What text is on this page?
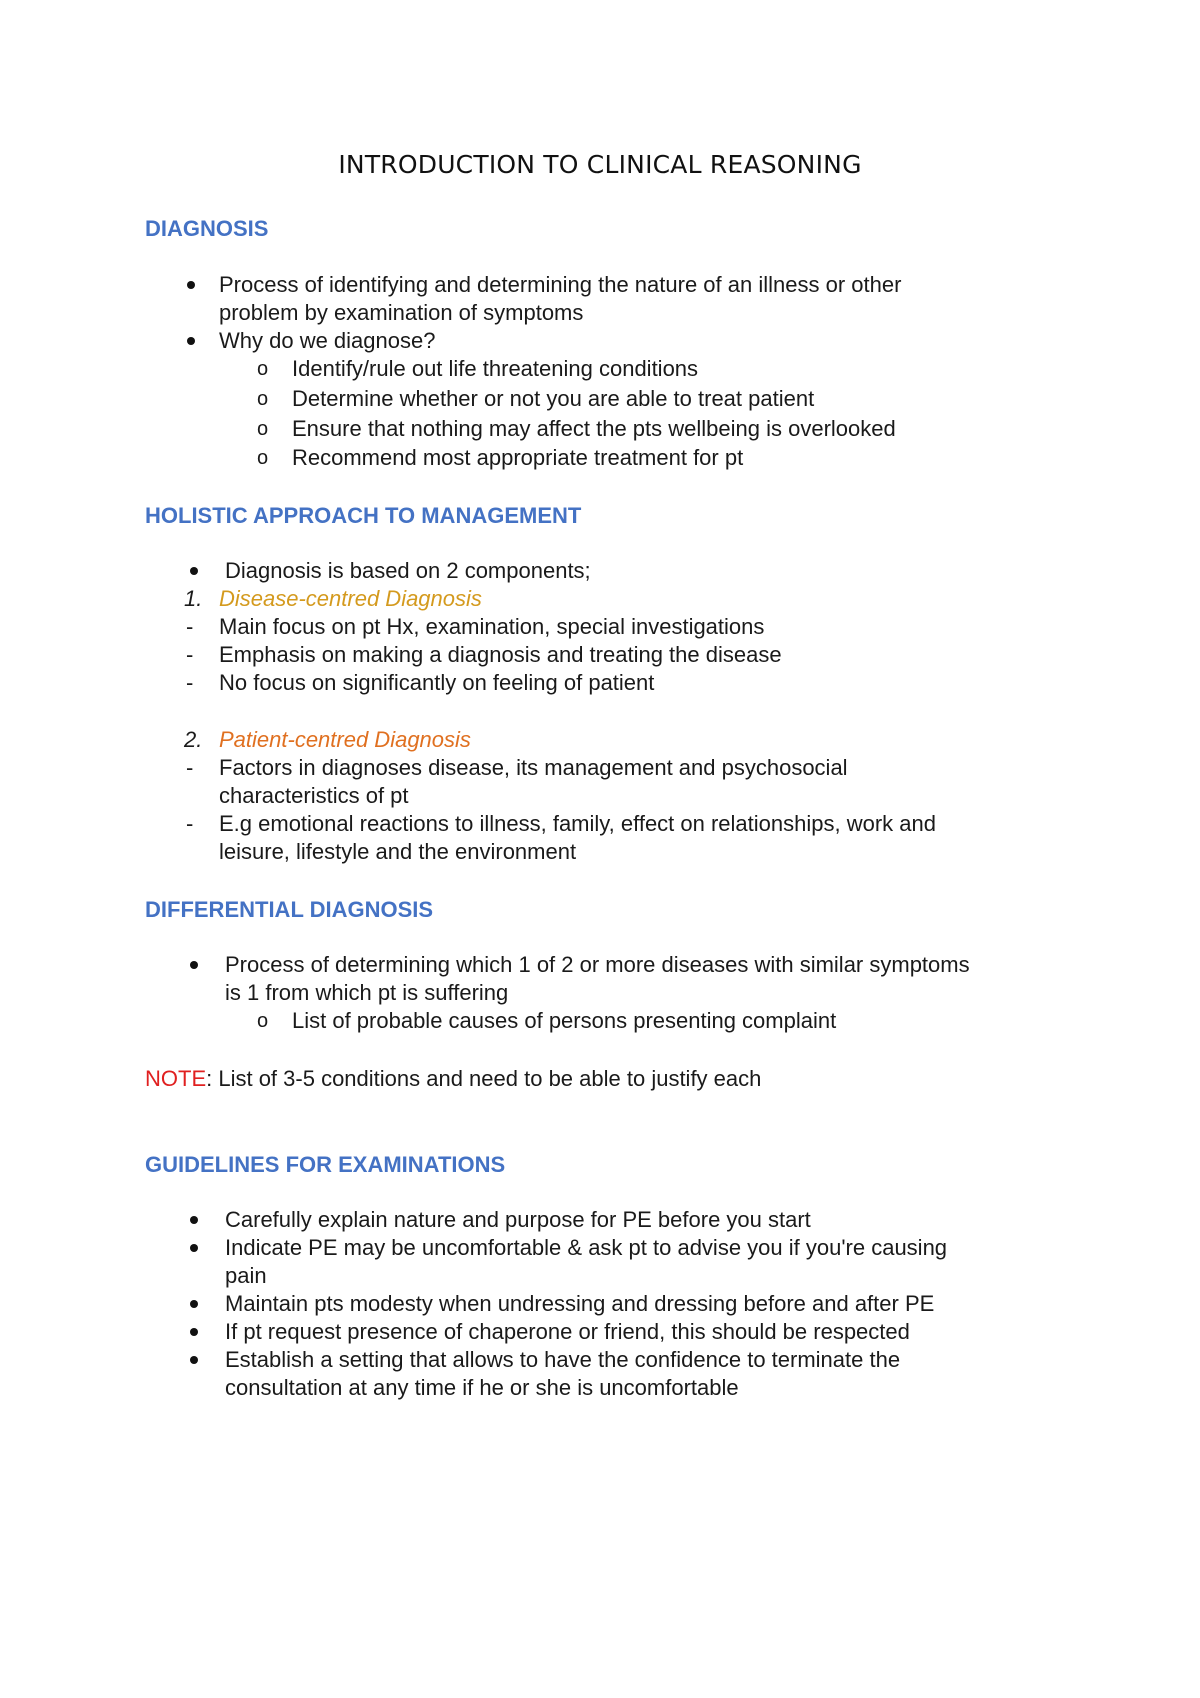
INTRODUCTION TO CLINICAL REASONING
DIAGNOSIS
Process of identifying and determining the nature of an illness or other
problem by examination of symptoms
Why do we diagnose?
o Identify/rule out life threatening conditions
o Determine whether or not you are able to treat patient
o Ensure that nothing may affect the pts wellbeing is overlooked
o Recommend most appropriate treatment for pt
HOLISTIC APPROACH TO MANAGEMENT
Diagnosis is based on 2 components;
1. Disease-centred Diagnosis
- Main focus on pt Hx, examination, special investigations
- Emphasis on making a diagnosis and treating the disease
- No focus on significantly on feeling of patient
2. Patient-centred Diagnosis
- Factors in diagnoses disease, its management and psychosocial
characteristics of pt
- E.g emotional reactions to illness, family, effect on relationships, work and
leisure, lifestyle and the environment
DIFFERENTIAL DIAGNOSIS
Process of determining which 1 of 2 or more diseases with similar symptoms
is 1 from which pt is suffering
o List of probable causes of persons presenting complaint
NOTE: List of 3-5 conditions and need to be able to justify each
GUIDELINES FOR EXAMINATIONS
Carefully explain nature and purpose for PE before you start
Indicate PE may be uncomfortable & ask pt to advise you if you're causing
pain
Maintain pts modesty when undressing and dressing before and after PE
If pt request presence of chaperone or friend, this should be respected
Establish a setting that allows to have the confidence to terminate the
consultation at any time if he or she is uncomfortable
